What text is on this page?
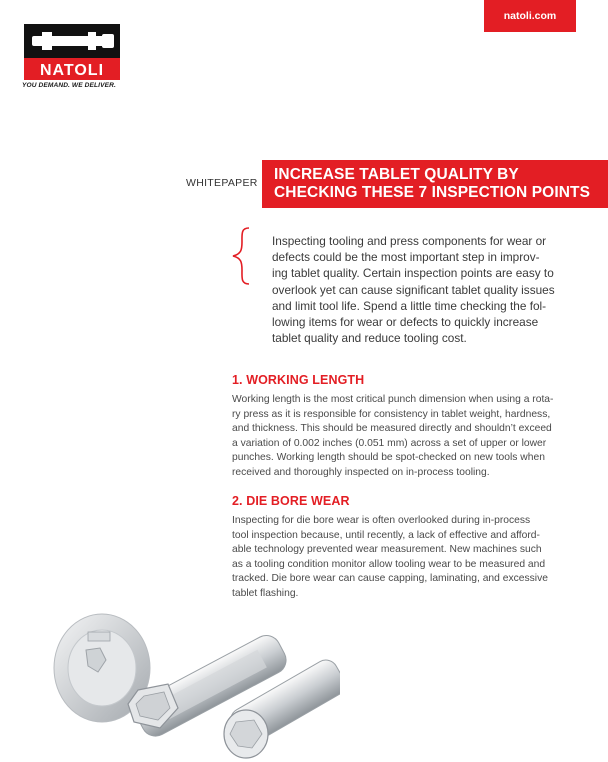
natoli.com
NATOLI
YOU DEMAND. WE DELIVER.
WHITEPAPER INCREASE TABLET QUALITY BY
CHECKING THESE 7 INSPECTION POINTS
Inspecting tooling and press components for wear or
defects could be the most important step in improv-
ing tablet quality. Certain inspection points are easy to
overlook yet can cause significant tablet quality issues
and limit tool life. Spend a little time checking the fol-
lowing items for wear or defects to quickly increase
tablet quality and reduce tooling cost.
1. WORKING LENGTH
Working length is the most critical punch dimension when using a rota-
ry press as it is responsible for consistency in tablet weight, hardness,
and thickness. This should be measured directly and shouldn’t exceed
a variation of 0.002 inches (0.051 mm) across a set of upper or lower
punches. Working length should be spot-checked on new tools when
received and thoroughly inspected on in-process tooling.
2. DIE BORE WEAR
Inspecting for die bore wear is often overlooked during in-process
tool inspection because, until recently, a lack of effective and afford-
able technology prevented wear measurement. New machines such
as a tooling condition monitor allow tooling wear to be measured and
tracked. Die bore wear can cause capping, laminating, and excessive
tablet flashing.
